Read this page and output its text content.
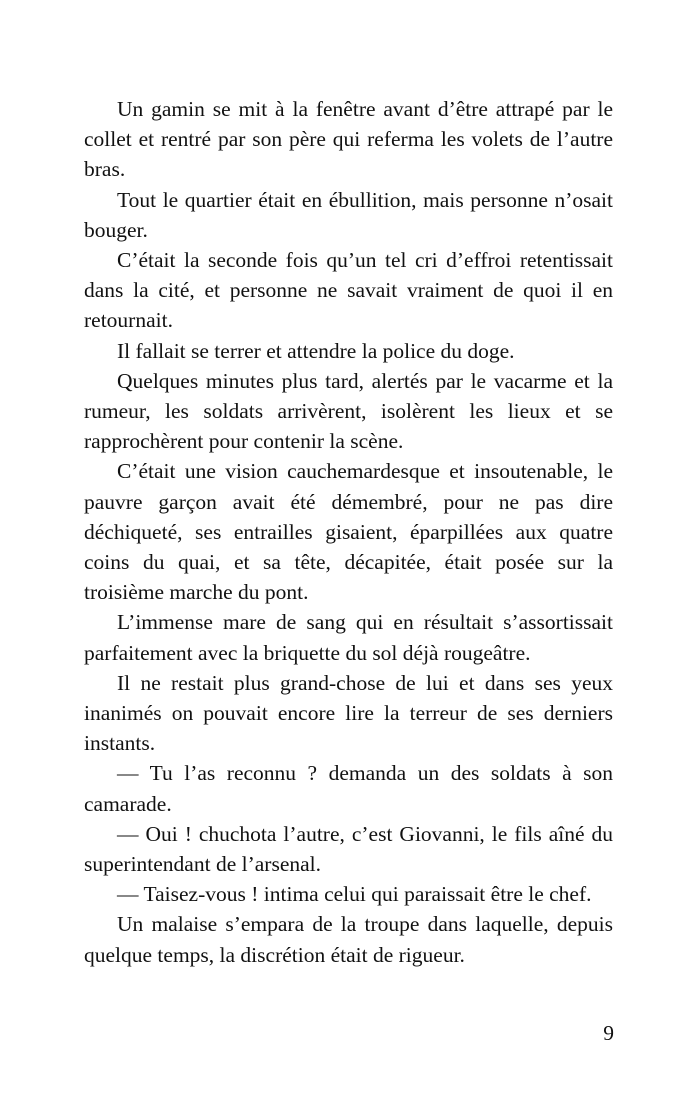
Un gamin se mit à la fenêtre avant d’être attrapé par le collet et rentré par son père qui referma les volets de l’autre bras.

Tout le quartier était en ébullition, mais personne n’osait bouger.

C’était la seconde fois qu’un tel cri d’effroi retentissait dans la cité, et personne ne savait vraiment de quoi il en retournait.

Il fallait se terrer et attendre la police du doge.

Quelques minutes plus tard, alertés par le vacarme et la rumeur, les soldats arrivèrent, isolèrent les lieux et se rapprochèrent pour contenir la scène.

C’était une vision cauchemardesque et insoutenable, le pauvre garçon avait été démembré, pour ne pas dire déchiqueté, ses entrailles gisaient, éparpillées aux quatre coins du quai, et sa tête, décapitée, était posée sur la troisième marche du pont.

L’immense mare de sang qui en résultait s’assortissait parfaitement avec la briquette du sol déjà rougeâtre.

Il ne restait plus grand-chose de lui et dans ses yeux inanimés on pouvait encore lire la terreur de ses derniers instants.

— Tu l’as reconnu ? demanda un des soldats à son camarade.

— Oui ! chuchota l’autre, c’est Giovanni, le fils aîné du superintendant de l’arsenal.

— Taisez-vous ! intima celui qui paraissait être le chef.

Un malaise s’empara de la troupe dans laquelle, depuis quelque temps, la discrétion était de rigueur.

9
